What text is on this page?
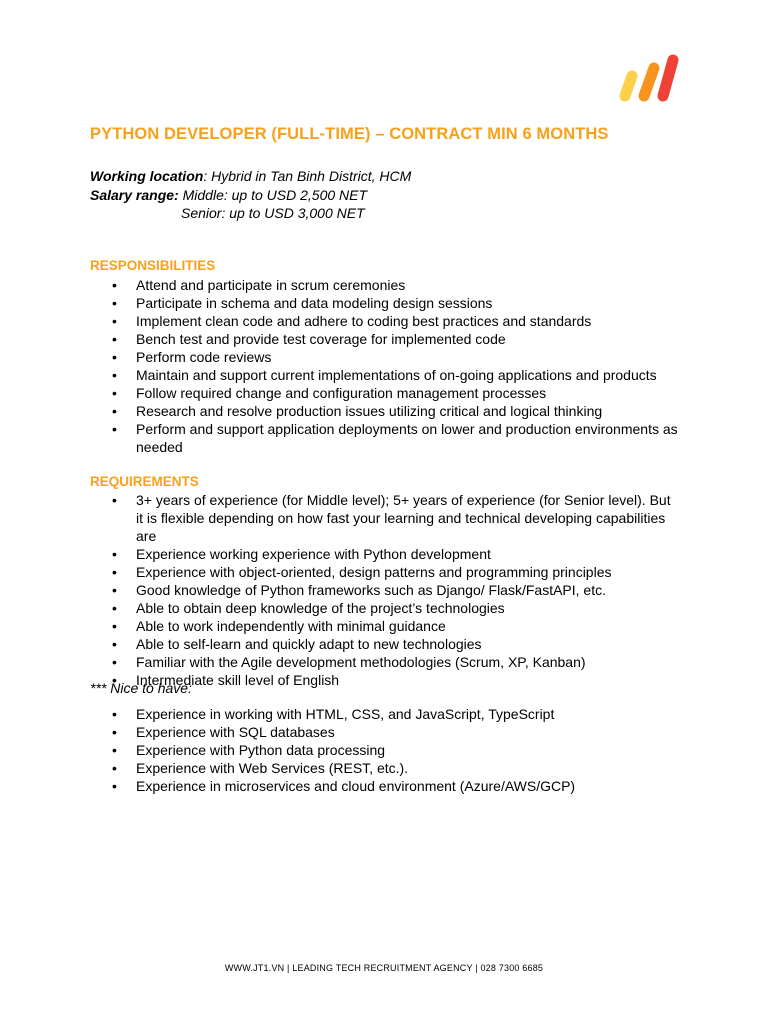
PYTHON DEVELOPER (FULL-TIME) – CONTRACT MIN 6 MONTHS
Working location: Hybrid in Tan Binh District, HCM
Salary range: Middle: up to USD 2,500 NET
Senior: up to USD 3,000 NET
RESPONSIBILITIES
• Attend and participate in scrum ceremonies
• Participate in schema and data modeling design sessions
• Implement clean code and adhere to coding best practices and standards
• Bench test and provide test coverage for implemented code
• Perform code reviews
• Maintain and support current implementations of on-going applications and products
• Follow required change and configuration management processes
• Research and resolve production issues utilizing critical and logical thinking
• Perform and support application deployments on lower and production environments as needed
REQUIREMENTS
• 3+ years of experience (for Middle level); 5+ years of experience (for Senior level). But it is flexible depending on how fast your learning and technical developing capabilities are
• Experience working experience with Python development
• Experience with object-oriented, design patterns and programming principles
• Good knowledge of Python frameworks such as Django/ Flask/FastAPI, etc.
• Able to obtain deep knowledge of the project’s technologies
• Able to work independently with minimal guidance
• Able to self-learn and quickly adapt to new technologies
• Familiar with the Agile development methodologies (Scrum, XP, Kanban)
• Intermediate skill level of English
*** Nice to have:
• Experience in working with HTML, CSS, and JavaScript, TypeScript
• Experience with SQL databases
• Experience with Python data processing
• Experience with Web Services (REST, etc.).
• Experience in microservices and cloud environment (Azure/AWS/GCP)
WWW.JT1.VN | LEADING TECH RECRUITMENT AGENCY | 028 7300 6685
